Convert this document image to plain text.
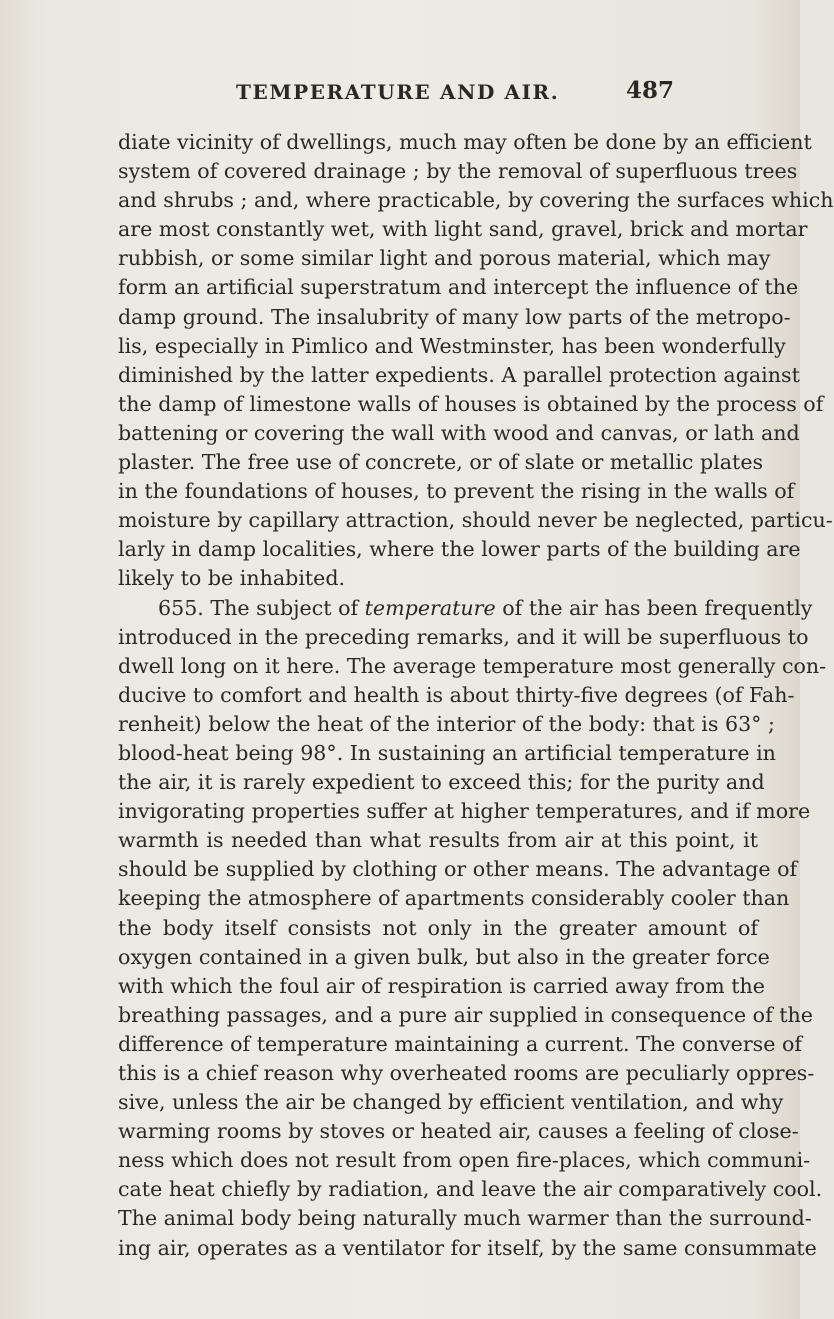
TEMPERATURE AND AIR.	487
diate vicinity of dwellings, much may often be done by an efficient
system of covered drainage ; by the removal of superfluous trees
and shrubs ; and, where practicable, by covering the surfaces which
are most constantly wet, with light sand, gravel, brick and mortar
rubbish, or some similar light and porous material, which may
form an artificial superstratum and intercept the influence of the
damp ground. The insalubrity of many low parts of the metropo-
lis, especially in Pimlico and Westminster, has been wonderfully
diminished by the latter expedients. A parallel protection against
the damp of limestone walls of houses is obtained by the process of
battening or covering the wall with wood and canvas, or lath and
plaster. The free use of concrete, or of slate or metallic plates
in the foundations of houses, to prevent the rising in the walls of
moisture by capillary attraction, should never be neglected, particu-
larly in damp localities, where the lower parts of the building are
likely to be inhabited.
655. The subject of temperature of the air has been frequently
introduced in the preceding remarks, and it will be superfluous to
dwell long on it here. The average temperature most generally con-
ducive to comfort and health is about thirty-five degrees (of Fah-
renheit) below the heat of the interior of the body: that is 63° ;
blood-heat being 98°. In sustaining an artificial temperature in
the air, it is rarely expedient to exceed this; for the purity and
invigorating properties suffer at higher temperatures, and if more
warmth is needed than what results from air at this point, it
should be supplied by clothing or other means. The advantage of
keeping the atmosphere of apartments considerably cooler than
the body itself consists not only in the greater amount of
oxygen contained in a given bulk, but also in the greater force
with which the foul air of respiration is carried away from the
breathing passages, and a pure air supplied in consequence of the
difference of temperature maintaining a current. The converse of
this is a chief reason why overheated rooms are peculiarly oppres-
sive, unless the air be changed by efficient ventilation, and why
warming rooms by stoves or heated air, causes a feeling of close-
ness which does not result from open fire-places, which communi-
cate heat chiefly by radiation, and leave the air comparatively cool.
The animal body being naturally much warmer than the surround-
ing air, operates as a ventilator for itself, by the same consummate
